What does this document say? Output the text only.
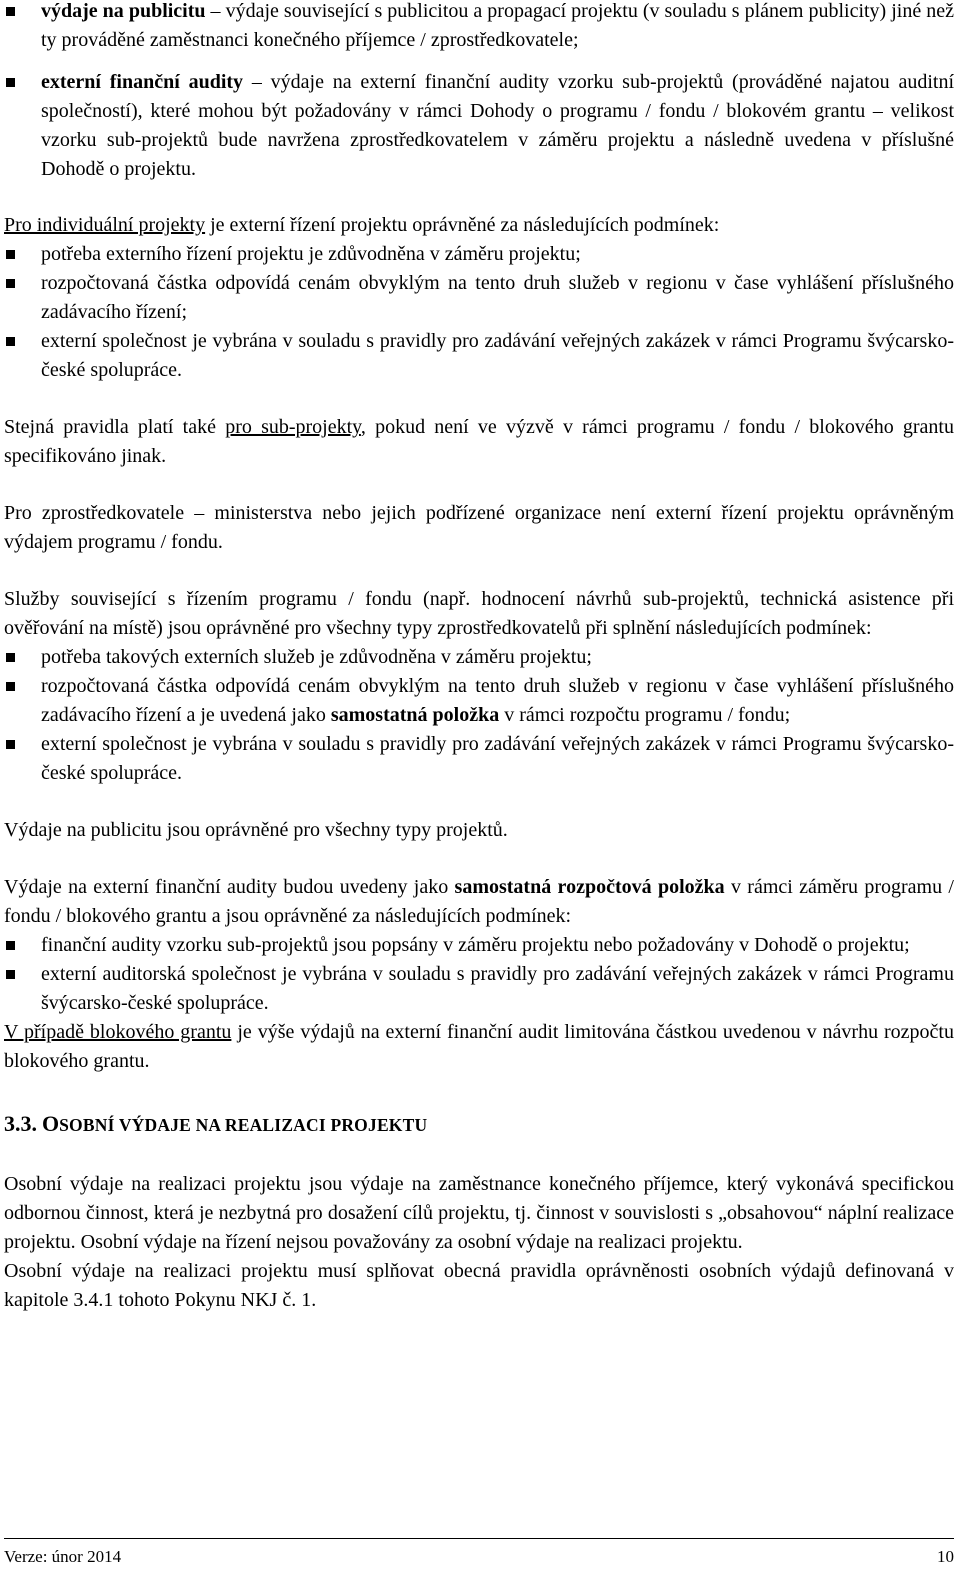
výdaje na publicitu – výdaje související s publicitou a propagací projektu (v souladu s plánem publicity) jiné než ty prováděné zaměstnanci konečného příjemce / zprostředkovatele;

externí finanční audity – výdaje na externí finanční audity vzorku sub-projektů (prováděné najatou auditní společností), které mohou být požadovány v rámci Dohody o programu / fondu / blokovém grantu – velikost vzorku sub-projektů bude navržena zprostředkovatelem v záměru projektu a následně uvedena v příslušné Dohodě o projektu.

Pro individuální projekty je externí řízení projektu oprávněné za následujících podmínek:

potřeba externího řízení projektu je zdůvodněna v záměru projektu;

rozpočtovaná částka odpovídá cenám obvyklým na tento druh služeb v regionu v čase vyhlášení příslušného zadávacího řízení;

externí společnost je vybrána v souladu s pravidly pro zadávání veřejných zakázek v rámci Programu švýcarsko-české spolupráce.

Stejná pravidla platí také pro sub-projekty, pokud není ve výzvě v rámci programu / fondu / blokového grantu specifikováno jinak.

Pro zprostředkovatele – ministerstva nebo jejich podřízené organizace není externí řízení projektu oprávněným výdajem programu / fondu.

Služby související s řízením programu / fondu (např. hodnocení návrhů sub-projektů, technická asistence při ověřování na místě) jsou oprávněné pro všechny typy zprostředkovatelů při splnění následujících podmínek:

potřeba takových externích služeb je zdůvodněna v záměru projektu;

rozpočtovaná částka odpovídá cenám obvyklým na tento druh služeb v regionu v čase vyhlášení příslušného zadávacího řízení a je uvedená jako samostatná položka v rámci rozpočtu programu / fondu;

externí společnost je vybrána v souladu s pravidly pro zadávání veřejných zakázek v rámci Programu švýcarsko-české spolupráce.

Výdaje na publicitu jsou oprávněné pro všechny typy projektů.

Výdaje na externí finanční audity budou uvedeny jako samostatná rozpočtová položka v rámci záměru programu / fondu / blokového grantu a jsou oprávněné za následujících podmínek:

finanční audity vzorku sub-projektů jsou popsány v záměru projektu nebo požadovány v Dohodě o projektu;

externí auditorská společnost je vybrána v souladu s pravidly pro zadávání veřejných zakázek v rámci Programu švýcarsko-české spolupráce.

V případě blokového grantu je výše výdajů na externí finanční audit limitována částkou uvedenou v návrhu rozpočtu blokového grantu.

3.3. OSOBNÍ VÝDAJE NA REALIZACI PROJEKTU

Osobní výdaje na realizaci projektu jsou výdaje na zaměstnance konečného příjemce, který vykonává specifickou odbornou činnost, která je nezbytná pro dosažení cílů projektu, tj. činnost v souvislosti s „obsahovou“ náplní realizace projektu. Osobní výdaje na řízení nejsou považovány za osobní výdaje na realizaci projektu.

Osobní výdaje na realizaci projektu musí splňovat obecná pravidla oprávněnosti osobních výdajů definovaná v kapitole 3.4.1 tohoto Pokynu NKJ č. 1.

Verze: únor 2014	10
